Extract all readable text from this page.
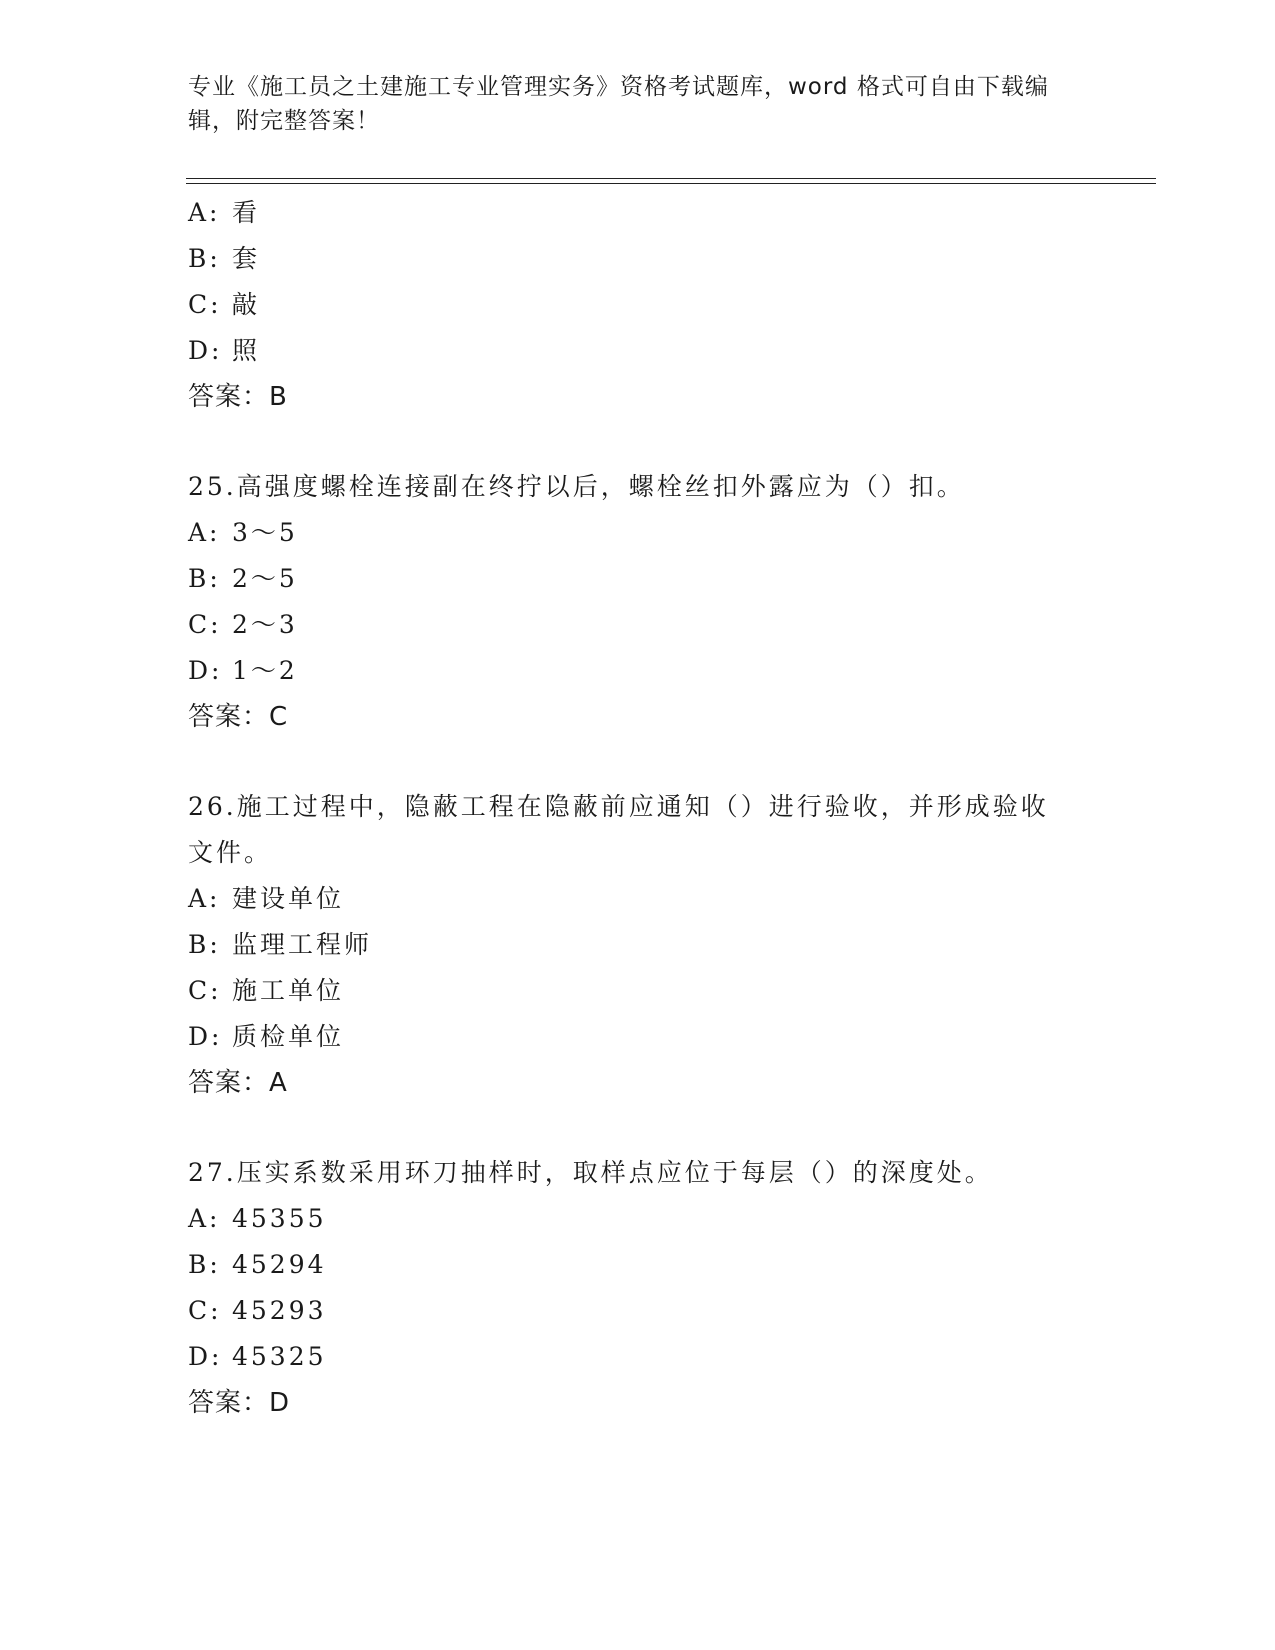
专业《施工员之土建施工专业管理实务》资格考试题库，word 格式可自由下载编
辑，附完整答案！
A: 看
B: 套
C: 敲
D: 照
答案：B
25.高强度螺栓连接副在终拧以后，螺栓丝扣外露应为（）扣。
A: 3～5
B: 2～5
C: 2～3
D: 1～2
答案：C
26.施工过程中，隐蔽工程在隐蔽前应通知（）进行验收，并形成验收
文件。
A: 建设单位
B: 监理工程师
C: 施工单位
D: 质检单位
答案：A
27.压实系数采用环刀抽样时，取样点应位于每层（）的深度处。
A: 45355
B: 45294
C: 45293
D: 45325
答案：D
